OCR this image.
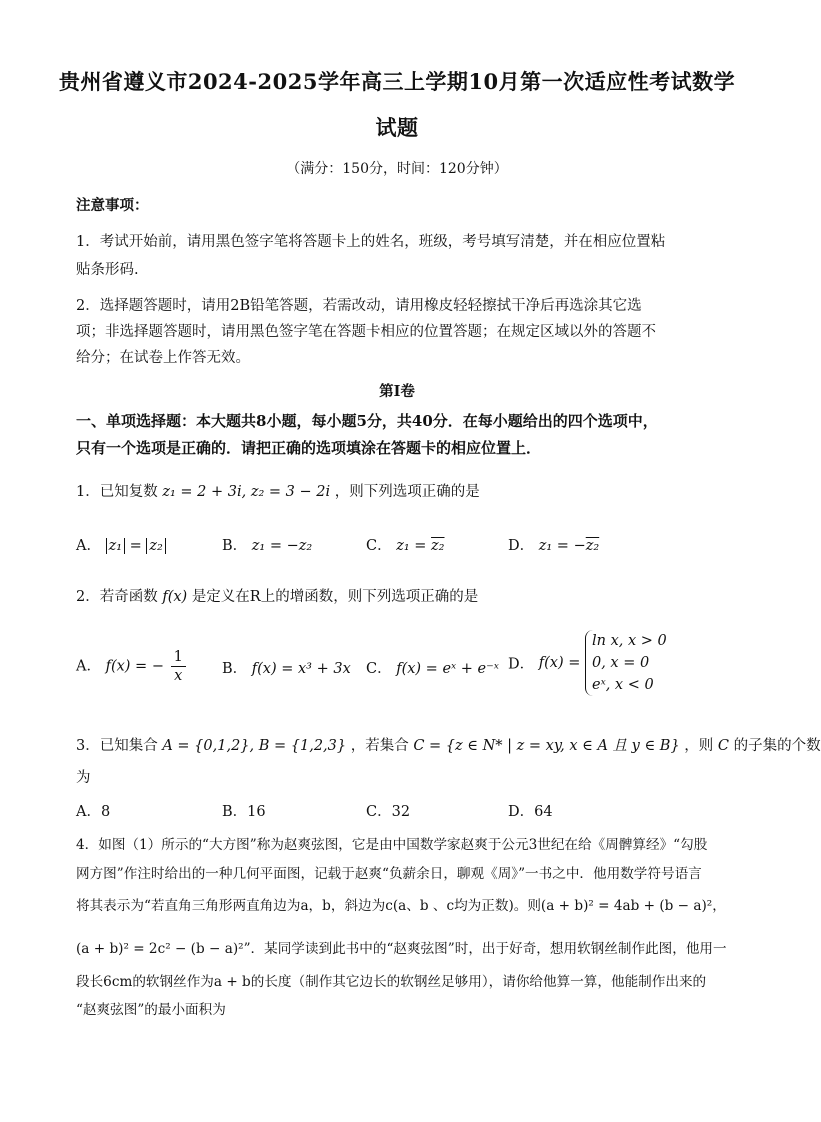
贵州省遵义市2024-2025学年高三上学期10月第一次适应性考试数学
试题
（满分：150分，时间：120分钟）
注意事项：
1．考试开始前，请用黑色签字笔将答题卡上的姓名，班级，考号填写清楚，并在相应位置粘
贴条形码.
2．选择题答题时，请用2B铅笔答题，若需改动，请用橡皮轻轻擦拭干净后再选涂其它选
项；非选择题答题时，请用黑色签字笔在答题卡相应的位置答题；在规定区域以外的答题不
给分；在试卷上作答无效。
第I卷
一、单项选择题：本大题共8小题，每小题5分，共40分．在每小题给出的四个选项中，
只有一个选项是正确的．请把正确的选项填涂在答题卡的相应位置上．
1．已知复数 z₁ = 2 + 3i, z₂ = 3 − 2i ，则下列选项正确的是
A． z₁ = z₂	B． z₁ = −z₂	C． z₁ = z₂	D． z₁ = −z₂
2．若奇函数 f(x) 是定义在R上的增函数，则下列选项正确的是
A． f(x) = − $\frac{1}{x}$ B． f(x) = x³ + 3x C． f(x) = eˣ + e⁻ˣ D． f(x) = ln x, x > 0
0, x = 0
eˣ, x < 0
3．已知集合 A = {0,1,2}, B = {1,2,3} ，若集合 C = {z ∈ N* | z = xy, x ∈ A 且 y ∈ B} ，则 C 的子集的个数
为
A．8	B．16	C．32	D．64
4．如图（1）所示的“大方图”称为赵爽弦图，它是由中国数学家赵爽于公元3世纪在给《周髀算经》“勾股
网方图”作注时给出的一种几何平面图，记载于赵爽“负薪余日，聊观《周》”一书之中．他用数学符号语言
将其表示为“若直角三角形两直角边为a，b，斜边为c(a、b 、c均为正数)。则(a + b)² = 4ab + (b − a)²，
(a + b)² = 2c² − (b − a)²”．某同学读到此书中的“赵爽弦图”时，出于好奇，想用软钢丝制作此图，他用一
段长6cm的软钢丝作为a + b的长度（制作其它边长的软钢丝足够用），请你给他算一算，他能制作出来的
“赵爽弦图”的最小面积为
